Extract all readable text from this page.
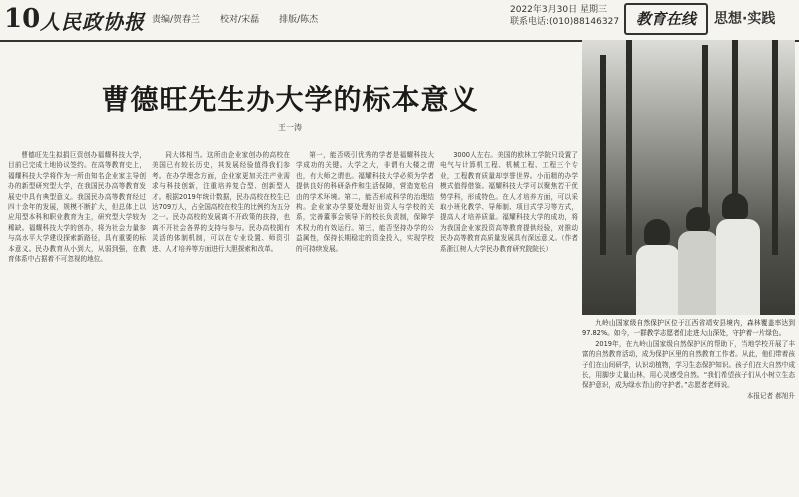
10 人民政协报 责编/贺春兰 校对/宋磊 排版/陈杰
2022年3月30日 星期三
联系电话:(010)88146327	教育在线	思想·实践
曹德旺先生办大学的标本意义
王一涛

曹德旺先生拟捐巨资创办福耀科技大学，目前已完成土地协议签约。在高等教育史上，福耀科技大学将作为一所由知名企业家主导创办的新型研究型大学，在我国民办高等教育发展史中具有典型意义。我国民办高等教育经过四十余年的发展，规模不断扩大，但总体上以应用型本科和职业教育为主，研究型大学较为稀缺。福耀科技大学的创办，将为社会力量参与高水平大学建设探索新路径，具有重要的标本意义。民办教育从小到大，从弱到强，在教育体系中占据着不可忽视的地位。

同大体相当。这所由企业家创办的高校在美国已有较长历史，其发展经验值得我们参考。在办学理念方面，企业家更加关注产业需求与科技创新，注重培养复合型、创新型人才。根据2019年统计数据，民办高校在校生已达709万人，占全国高校在校生的比例约为五分之一。民办高校的发展离不开政策的扶持，也离不开社会各界的支持与参与。民办高校拥有灵活的体制机制，可以在专业设置、师资引进、人才培养等方面进行大胆探索和改革。

第一，能否吸引优秀的学者是福耀科技大学成功的关键。大学之大，非谓有大楼之谓也，有大师之谓也。福耀科技大学必须为学者提供良好的科研条件和生活保障，营造宽松自由的学术环境。第二，能否形成科学的治理结构。企业家办学要处理好出资人与学校的关系，完善董事会领导下的校长负责制，保障学术权力的有效运行。第三，能否坚持办学的公益属性，保持长期稳定的资金投入，实现学校的可持续发展。

3000人左右。美国的欧林工学院只设置了电气与计算机工程、机械工程、工程三个专业，工程教育质量却享誉世界。小而精的办学模式值得借鉴。福耀科技大学可以聚焦若干优势学科，形成特色。在人才培养方面，可以采取小班化教学、导师制、项目式学习等方式，提高人才培养质量。福耀科技大学的成功，将为我国企业家投资高等教育提供经验，对推动民办高等教育高质量发展具有深远意义。（作者系浙江树人大学民办教育研究院院长）

九岭山国家级自然保护区位于江西省靖安县境内，森林覆盖率达到97.82%。如今，一群教学志愿者们走进大山深处，守护着一片绿色。

2019年，在九岭山国家级自然保护区的帮助下，当地学校开展了丰富的自然教育活动，成为保护区里的自然教育工作者。从此，他们带着孩子们在山间研学，认识动植物，学习生态保护知识。孩子们在大自然中成长，用脚步丈量山林，用心灵感受自然。“我们希望孩子们从小树立生态保护意识，成为绿水青山的守护者。”志愿者老师说。

本报记者 郝旭升
